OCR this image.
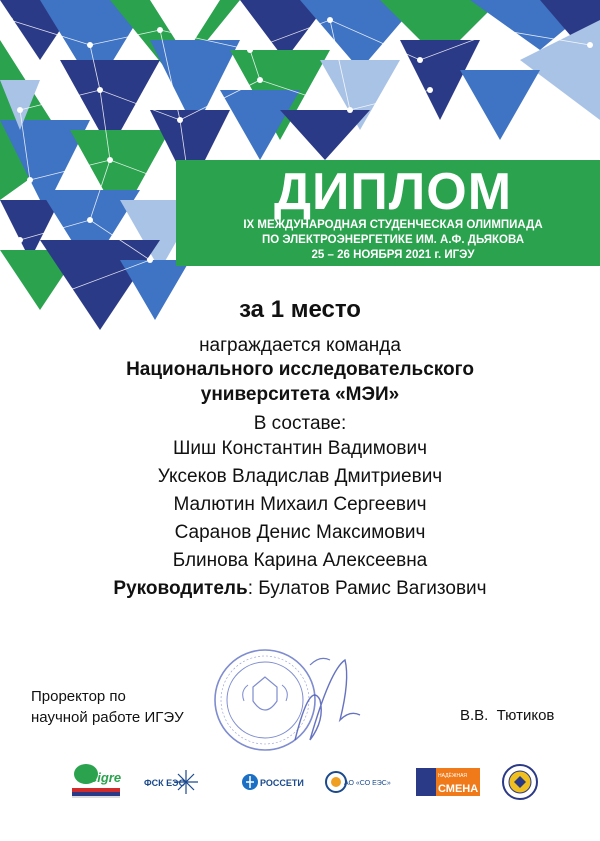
ДИПЛОМ
IX МЕЖДУНАРОДНАЯ СТУДЕНЧЕСКАЯ ОЛИМПИАДА
ПО ЭЛЕКТРОЭНЕРГЕТИКЕ ИМ. А.Ф. ДЬЯКОВА
25 – 26 НОЯБРЯ 2021 г. ИГЭУ
за 1 место
награждается команда
Национального исследовательского
университета «МЭИ»
В составе:
Шиш Константин Вадимович
Уксеков Владислав Дмитриевич
Малютин Михаил Сергеевич
Саранов Денис Максимович
Блинова Карина Алексеевна
Руководитель: Булатов Рамис Вагизович
Проректор по
научной работе ИГЭУ	В.В.  Тютиков
cigre	ФСК ЕЭС	РОССЕТИ	АО «СО ЕЭС»
НАДЁЖНАЯ
СМЕНА
